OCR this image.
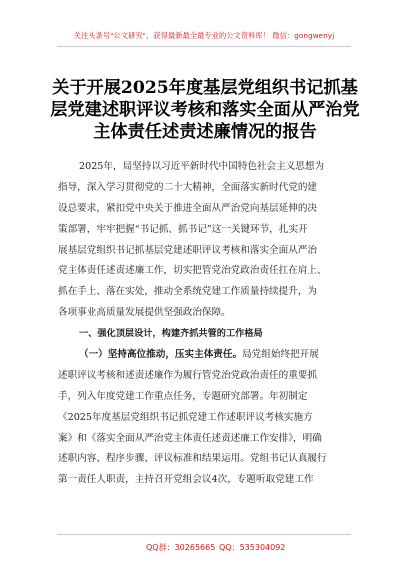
关注头条号"公文研究"，获得最新最全最专业的公文资料库！ 微信：gongwenyj
关于开展2025年度基层党组织书记抓基
层党建述职评议考核和落实全面从严治党
主体责任述责述廉情况的报告
2025年，局坚持以习近平新时代中国特色社会主义思想为
指导，深入学习贯彻党的二十大精神，全面落实新时代党的建
设总要求，紧扣党中央关于推进全面从严治党向基层延伸的决
策部署，牢牢把握“书记抓、抓书记”这一关键环节，扎实开
展基层党组织书记抓基层党建述职评议考核和落实全面从严治
党主体责任述责述廉工作，切实把管党治党政治责任扛在肩上、
抓在手上、落在实处，推动全系统党建工作质量持续提升，为
各项事业高质量发展提供坚强政治保障。
一、强化顶层设计，构建齐抓共管的工作格局
（一）坚持高位推动，压实主体责任。局党组始终把开展
述职评议考核和述责述廉作为履行管党治党政治责任的重要抓
手，列入年度党建工作重点任务，专题研究部署。年初制定
《2025年度基层党组织书记抓党建工作述职评议考核实施方
案》和《落实全面从严治党主体责任述责述廉工作安排》，明确
述职内容、程序步骤、评议标准和结果运用。党组书记认真履行
第一责任人职责，主持召开党组会议4次，专题听取党建工作
QQ群：30265665 QQ：535304092
